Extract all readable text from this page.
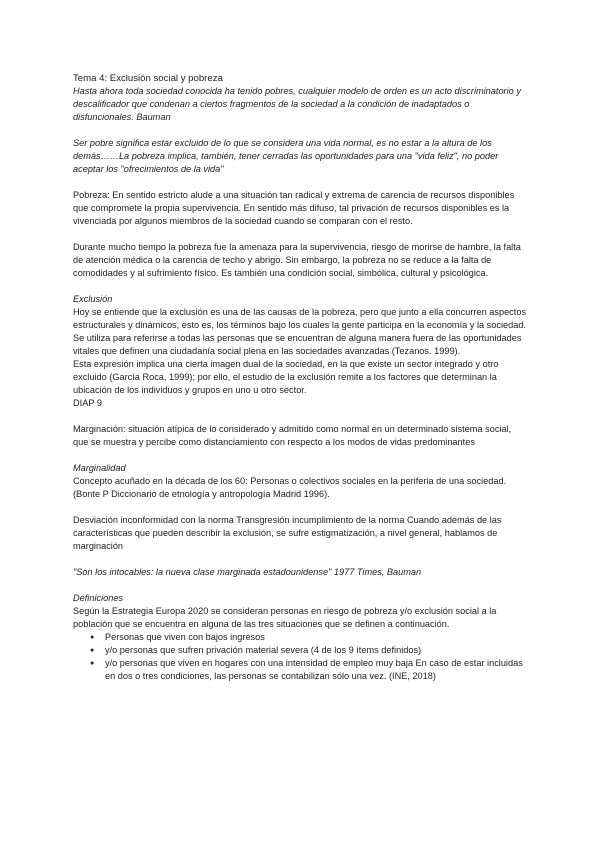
Tema 4: Exclusión social y pobreza

Hasta ahora toda sociedad conocida ha tenido pobres, cualquier modelo de orden es un acto discriminatorio y descalificador que condenan a ciertos fragmentos de la sociedad a la condición de inadaptados o disfuncionales. Bauman

Ser pobre significa estar excluido de lo que se considera una vida normal, es no estar a la altura de los demás……La pobreza implica, también, tener cerradas las oportunidades para una "vida feliz", no poder aceptar los "ofrecimientos de la vida"

Pobreza: En sentido estricto alude a una situación tan radical y extrema de carencia de recursos disponibles que compromete la propia supervivencia. En sentido más difuso, tal privación de recursos disponibles es la vivenciada por algunos miembros de la sociedad cuando se comparan con el resto.

Durante mucho tiempo la pobreza fue la amenaza para la supervivencia, riesgo de morirse de hambre, la falta de atención médica o la carencia de techo y abrigo. Sin embargo, la pobreza no se reduce a la falta de comodidades y al sufrimiento físico. Es también una condición social, simbólica, cultural y psicológica.

Exclusión

Hoy se entiende que la exclusión es una de las causas de la pobreza, pero que junto a ella concurren aspectos estructurales y dinámicos, esto es, los términos bajo los cuales la gente participa en la economía y la sociedad. Se utiliza para referirse a todas las personas que se encuentran de alguna manera fuera de las oportunidades vitales que definen una ciudadanía social plena en las sociedades avanzadas (Tezanos. 1999).

Esta expresión implica una cierta imagen dual de la sociedad, en la que existe un sector integrado y otro excluido (García Roca, 1999); por ello, el estudio de la exclusión remite a los factores que determinan la ubicación de los individuos y grupos en uno u otro sector.

DIAP 9

Marginación: situación atípica de lo considerado y admitido como normal en un determinado sistema social, que se muestra y percibe como distanciamiento con respecto a los modos de vidas predominantes

Marginalidad

Concepto acuñado en la década de los 60: Personas o colectivos sociales en la periferia de una sociedad. (Bonte P Diccionario de etnología y antropología Madrid 1996).

Desviación inconformidad con la norma Transgresión incumplimiento de la norma Cuando además de las características que pueden describir la exclusión, se sufre estigmatización, a nivel general, hablamos de marginación

"Son los intocables: la nueva clase marginada estadounidense" 1977 Times, Bauman

Definiciones

Según la Estrategia Europa 2020 se consideran personas en riesgo de pobreza y/o exclusión social a la población que se encuentra en alguna de las tres situaciones que se definen a continuación.

● Personas que viven con bajos ingresos
● y/o personas que sufren privación material severa (4 de los 9 ítems definidos)
● y/o personas que viven en hogares con una intensidad de empleo muy baja En caso de estar incluidas en dos o tres condiciones, las personas se contabilizan sólo una vez. (INE, 2018)
